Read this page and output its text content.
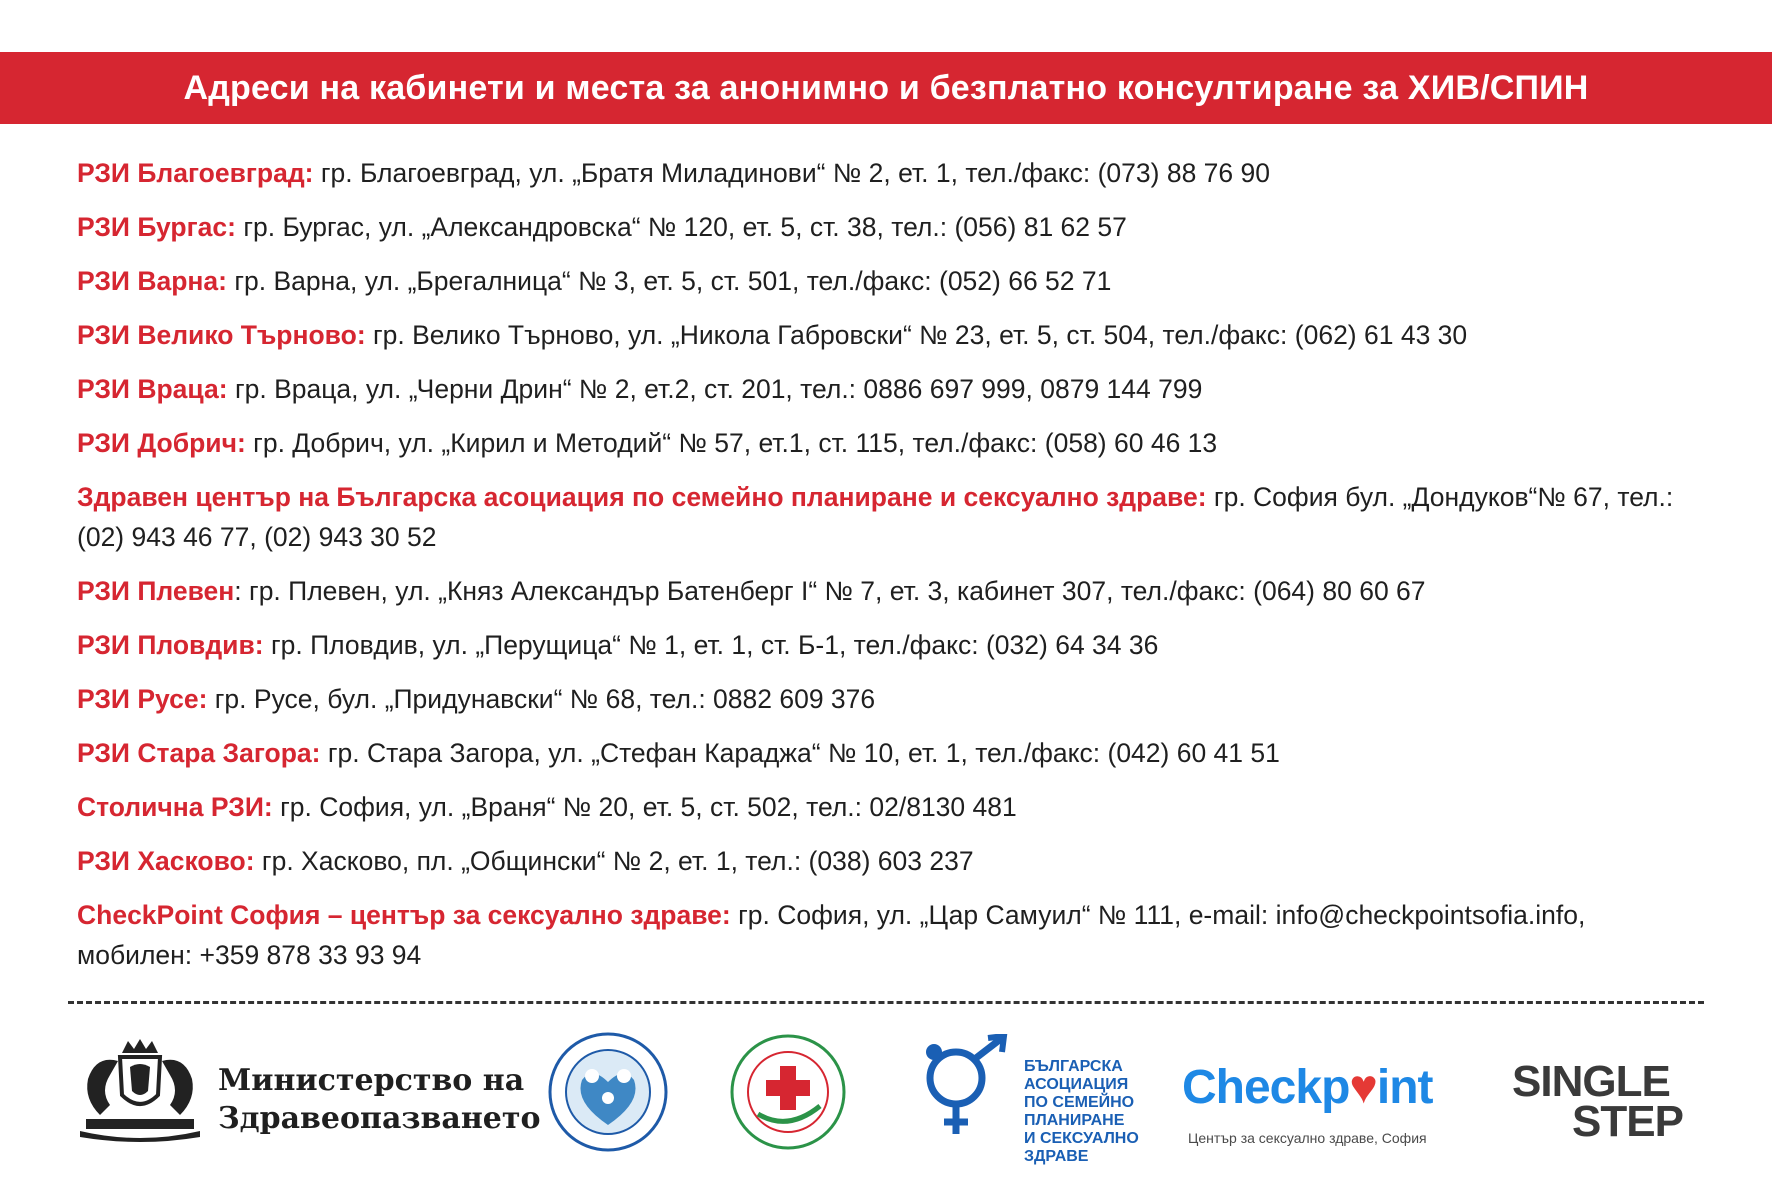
Адреси на кабинети и места за анонимно и безплатно консултиране за ХИВ/СПИН
РЗИ Благоевград: гр. Благоевград, ул. „Братя Миладинови“ № 2, ет. 1, тел./факс: (073) 88 76 90
РЗИ Бургас: гр. Бургас, ул. „Александровска“ № 120, ет. 5, ст. 38, тел.: (056) 81 62 57
РЗИ Варна: гр. Варна, ул. „Брегалница“ № 3, ет. 5, ст. 501, тел./факс: (052) 66 52 71
РЗИ Велико Търново: гр. Велико Търново, ул. „Никола Габровски“ № 23, ет. 5, ст. 504, тел./факс: (062) 61 43 30
РЗИ Враца: гр. Враца, ул. „Черни Дрин“ № 2, ет.2, ст. 201, тел.: 0886 697 999, 0879 144 799
РЗИ Добрич: гр. Добрич, ул. „Кирил и Методий“ № 57, ет.1, ст. 115, тел./факс: (058) 60 46 13
Здравен център на Българска асоциация по семейно планиране и сексуално здраве: гр. София бул. „Дондуков“№ 67, тел.: (02) 943 46 77, (02) 943 30 52
РЗИ Плевен: гр. Плевен, ул. „Княз Александър Батенберг I“ № 7, ет. 3, кабинет 307, тел./факс: (064) 80 60 67
РЗИ Пловдив: гр. Пловдив, ул. „Перущица“ № 1, ет. 1, ст. Б-1, тел./факс: (032) 64 34 36
РЗИ Русе: гр. Русе, бул. „Придунавски“ № 68, тел.: 0882 609 376
РЗИ Стара Загора: гр. Стара Загора, ул. „Стефан Караджа“ № 10, ет. 1, тел./факс: (042) 60 41 51
Столична РЗИ: гр. София, ул. „Враня“ № 20, ет. 5, ст. 502, тел.: 02/8130 481
РЗИ Хасково: гр. Хасково, пл. „Общински“ № 2, ет. 1, тел.: (038) 603 237
CheckPoint София – център за сексуално здраве: гр. София, ул. „Цар Самуил“ № 111, e-mail: info@checkpointsofia.info, мобилен: +359 878 33 93 94
Министерство на
Здравеопазването
БЪЛГАРСКА
АСОЦИАЦИЯ
ПО СЕМЕЙНО
ПЛАНИРАНЕ
И СЕКСУАЛНО
ЗДРАВЕ
Checkp♥int
Център за сексуално здраве, София
SINGLE
STEP
